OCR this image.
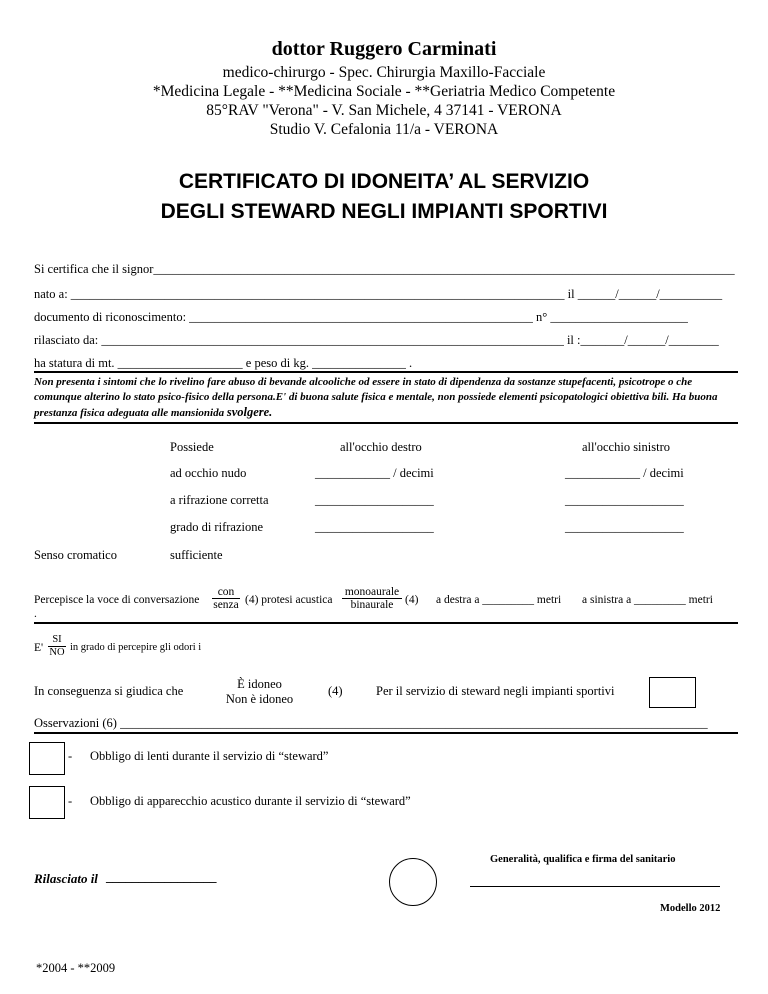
dottor Ruggero Carminati
medico-chirurgo - Spec. Chirurgia Maxillo-Facciale
*Medicina Legale - **Medicina Sociale - **Geriatria Medico Competente
85°RAV "Verona" - V. San Michele, 4 37141 - VERONA
Studio V. Cefalonia 11/a - VERONA
CERTIFICATO DI IDONEITA’ AL SERVIZIO
DEGLI STEWARD NEGLI IMPIANTI SPORTIVI
Si certifica che il signor_____________________________________________________________________________________________
nato a: _______________________________________________________________________________ il ______/______/__________
documento di riconoscimento: _______________________________________________________ n° ______________________
rilasciato da: __________________________________________________________________________ il :_______/______/________
ha statura di mt. ____________________ e peso di kg. _______________ .
Non presenta i sintomi che lo rivelino fare abuso di bevande alcooliche od essere in stato di dipendenza da sostanze stupefacenti, psicotrope o che comunque alterino lo stato psico-fisico della persona.E' di buona salute fisica e mentale, non possiede elementi psicopatologici obiettiva bili. Ha buona prestanza fisica adeguata alle mansionida svolgere.
Possiede	all'occhio destro	all'occhio sinistro
ad occhio nudo	____________ / decimi	____________ / decimi
a rifrazione corretta	___________________	___________________
grado di rifrazione	___________________	___________________
Senso cromatico	sufficiente
Percepisce la voce di conversazione
con
senza (4) protesi acustica
monoaurale
binaurale	(4) a destra a _________ metri a sinistra a _________ metri
.
$E' \frac{SI}{NO}$ in grado di percepire gli odori i
In conseguenza si giudica che	È idoneo
Non è idoneo
(4)	Per il servizio di steward negli impianti sportivi
Osservazioni (6) ______________________________________________________________________________________________
- Obbligo di lenti durante il servizio di “steward”
- Obbligo di apparecchio acustico durante il servizio di “steward”
Generalità, qualifica e firma del sanitario
Rilasciato il _________________
Modello 2012
*2004 - **2009
